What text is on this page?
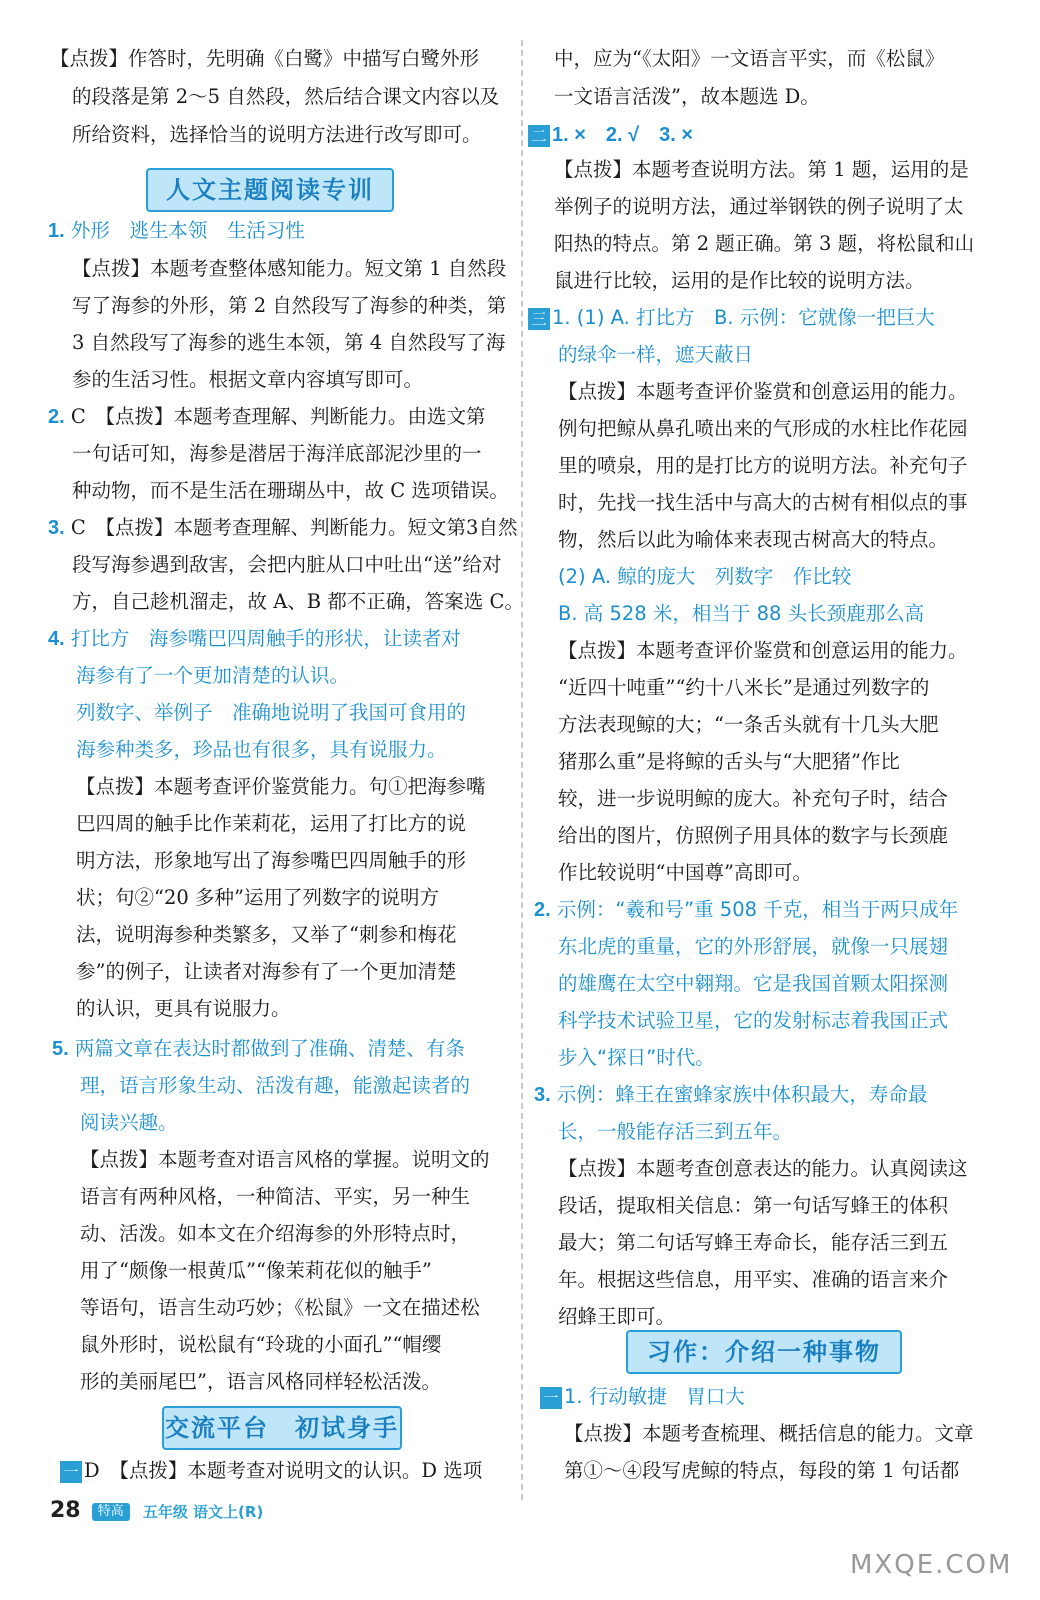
【点拨】作答时，先明确《白鹭》中描写白鹭外形
的段落是第 2～5 自然段，然后结合课文内容以及
所给资料，选择恰当的说明方法进行改写即可。
人文主题阅读专训
1. 外形　逃生本领　生活习性
【点拨】本题考查整体感知能力。短文第 1 自然段
写了海参的外形，第 2 自然段写了海参的种类，第
3 自然段写了海参的逃生本领，第 4 自然段写了海
参的生活习性。根据文章内容填写即可。
2. C　【点拨】本题考查理解、判断能力。由选文第
一句话可知，海参是潜居于海洋底部泥沙里的一
种动物，而不是生活在珊瑚丛中，故 C 选项错误。
3. C　【点拨】本题考查理解、判断能力。短文第3自然
段写海参遇到敌害，会把内脏从口中吐出“送”给对
方，自己趁机溜走，故 A、B 都不正确，答案选 C。
4. 打比方　海参嘴巴四周触手的形状，让读者对
海参有了一个更加清楚的认识。
列数字、举例子　准确地说明了我国可食用的
海参种类多，珍品也有很多，具有说服力。
【点拨】本题考查评价鉴赏能力。句①把海参嘴
巴四周的触手比作茉莉花，运用了打比方的说
明方法，形象地写出了海参嘴巴四周触手的形
状；句②“20 多种”运用了列数字的说明方
法，说明海参种类繁多，又举了“刺参和梅花
参”的例子，让读者对海参有了一个更加清楚
的认识，更具有说服力。
5. 两篇文章在表达时都做到了准确、清楚、有条
理，语言形象生动、活泼有趣，能激起读者的
阅读兴趣。
【点拨】本题考查对语言风格的掌握。说明文的
语言有两种风格，一种简洁、平实，另一种生
动、活泼。如本文在介绍海参的外形特点时，
用了“颇像一根黄瓜”“像茉莉花似的触手”
等语句，语言生动巧妙；《松鼠》一文在描述松
鼠外形时，说松鼠有“玲珑的小面孔”“帽缨
形的美丽尾巴”，语言风格同样轻松活泼。
交流平台　初试身手
一 D　【点拨】本题考查对说明文的认识。D 选项
中，应为“《太阳》一文语言平实，而《松鼠》
一文语言活泼”，故本题选 D。
二 1. ×　2. √　3. ×
【点拨】本题考查说明方法。第 1 题，运用的是
举例子的说明方法，通过举钢铁的例子说明了太
阳热的特点。第 2 题正确。第 3 题，将松鼠和山
鼠进行比较，运用的是作比较的说明方法。
三 1. (1) A. 打比方　B. 示例：它就像一把巨大
的绿伞一样，遮天蔽日
【点拨】本题考查评价鉴赏和创意运用的能力。
例句把鲸从鼻孔喷出来的气形成的水柱比作花园
里的喷泉，用的是打比方的说明方法。补充句子
时，先找一找生活中与高大的古树有相似点的事
物，然后以此为喻体来表现古树高大的特点。
(2) A. 鲸的庞大　列数字　作比较
B. 高 528 米，相当于 88 头长颈鹿那么高
【点拨】本题考查评价鉴赏和创意运用的能力。
“近四十吨重”“约十八米长”是通过列数字的
方法表现鲸的大；“一条舌头就有十几头大肥
猪那么重”是将鲸的舌头与“大肥猪”作比
较，进一步说明鲸的庞大。补充句子时，结合
给出的图片，仿照例子用具体的数字与长颈鹿
作比较说明“中国尊”高即可。
2. 示例：“羲和号”重 508 千克，相当于两只成年
东北虎的重量，它的外形舒展，就像一只展翅
的雄鹰在太空中翱翔。它是我国首颗太阳探测
科学技术试验卫星，它的发射标志着我国正式
步入“探日”时代。
3. 示例：蜂王在蜜蜂家族中体积最大，寿命最
长，一般能存活三到五年。
【点拨】本题考查创意表达的能力。认真阅读这
段话，提取相关信息：第一句话写蜂王的体积
最大；第二句话写蜂王寿命长，能存活三到五
年。根据这些信息，用平实、准确的语言来介
绍蜂王即可。
习作：介绍一种事物
一 1. 行动敏捷　胃口大
【点拨】本题考查梳理、概括信息的能力。文章
第①～④段写虎鲸的特点，每段的第 1 句话都
28 特高 五年级 语文上(R)
MXQE.COM
